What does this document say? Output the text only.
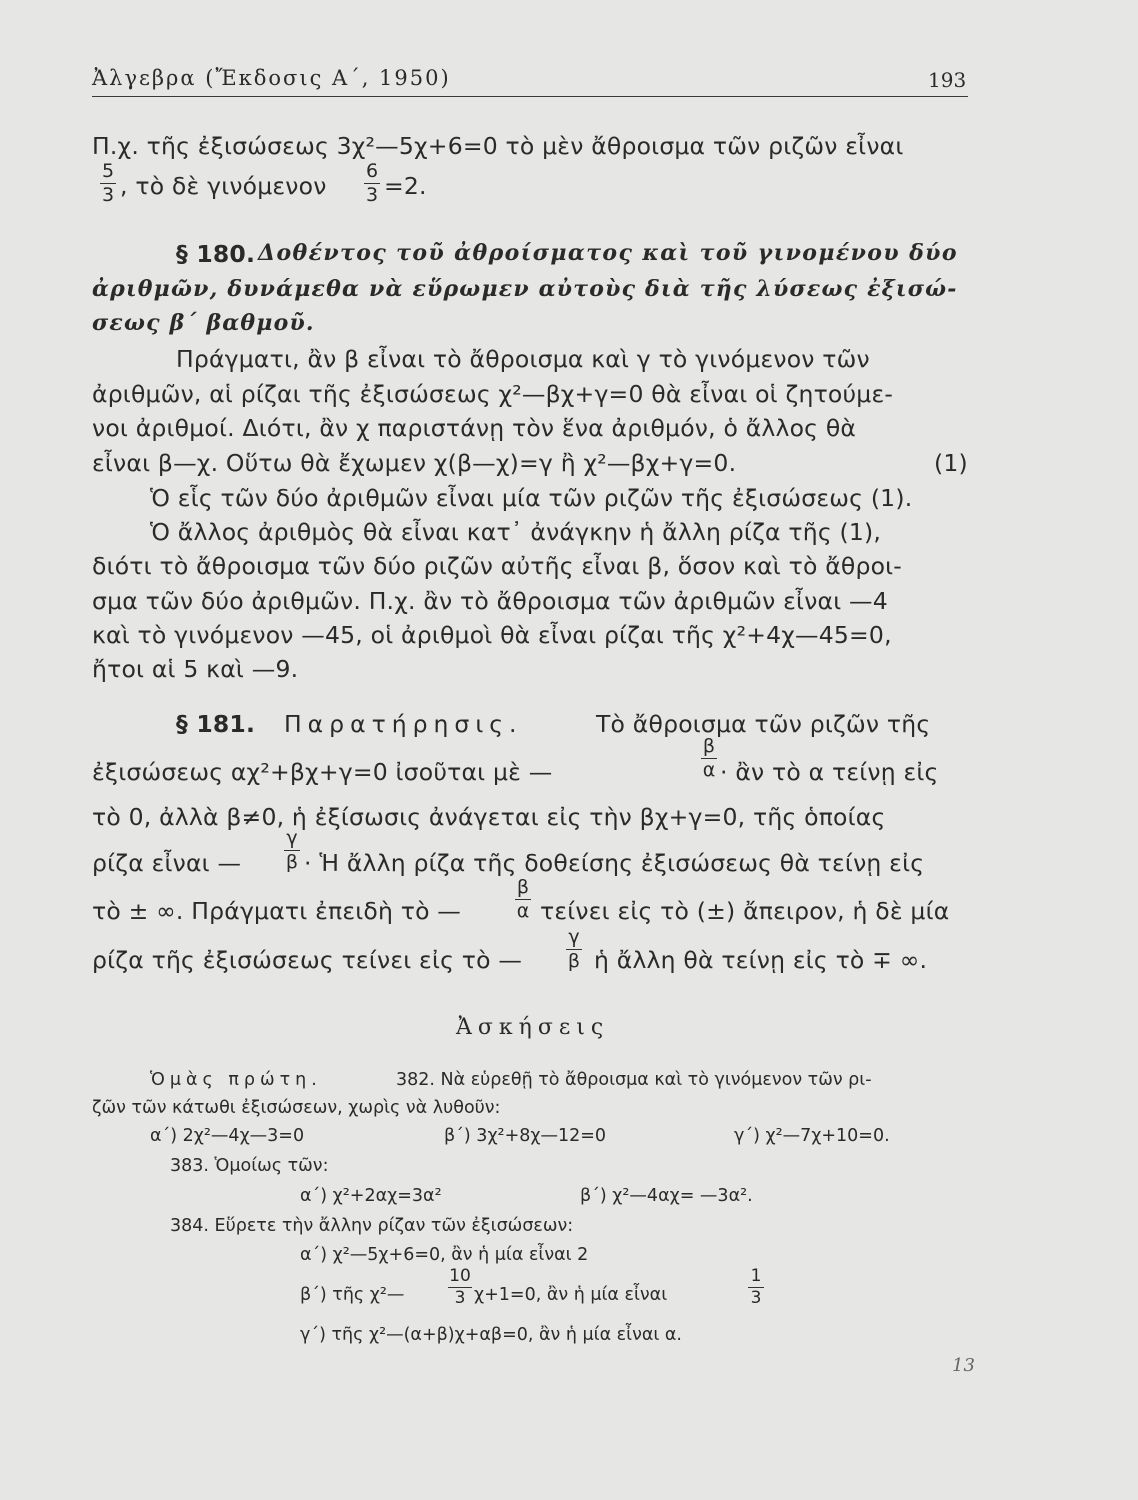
Ἀλγεβρα (Ἔκδοσις Α΄, 1950)	193
Π.χ. τῆς ἐξισώσεως 3χ²—5χ+6=0 τὸ μὲν ἄθροισμα τῶν ριζῶν εἶναι
5
3 , τὸ δὲ γινόμενον
6
3 =2.
§ 180. Δοθέντος τοῦ ἀθροίσματος καὶ τοῦ γινομένου δύο
ἀριθμῶν, δυνάμεθα νὰ εὕρωμεν αὐτοὺς διὰ τῆς λύσεως ἐξισώ-
σεως β΄ βαθμοῦ.
Πράγματι, ἂν β εἶναι τὸ ἄθροισμα καὶ γ τὸ γινόμενον τῶν
ἀριθμῶν, αἱ ρίζαι τῆς ἐξισώσεως χ²—βχ+γ=0 θὰ εἶναι οἱ ζητούμε-
νοι ἀριθμοί. Διότι, ἂν χ παριστάνῃ τὸν ἕνα ἀριθμόν, ὁ ἄλλος θὰ
εἶναι β—χ. Οὕτω θὰ ἔχωμεν χ(β—χ)=γ ἢ χ²—βχ+γ=0.	(1)
Ὁ εἷς τῶν δύο ἀριθμῶν εἶναι μία τῶν ριζῶν τῆς ἐξισώσεως (1).
Ὁ ἄλλος ἀριθμὸς θὰ εἶναι κατ᾽ ἀνάγκην ἡ ἄλλη ρίζα τῆς (1),
διότι τὸ ἄθροισμα τῶν δύο ριζῶν αὐτῆς εἶναι β, ὅσον καὶ τὸ ἄθροι-
σμα τῶν δύο ἀριθμῶν. Π.χ. ἂν τὸ ἄθροισμα τῶν ἀριθμῶν εἶναι —4
καὶ τὸ γινόμενον —45, οἱ ἀριθμοὶ θὰ εἶναι ρίζαι τῆς χ²+4χ—45=0,
ἤτοι αἱ 5 καὶ —9.
§ 181. Παρατήρησις.	Τὸ ἄθροισμα τῶν ριζῶν τῆς
ἐξισώσεως αχ²+βχ+γ=0 ἰσοῦται μὲ —
β
α · ἂν τὸ α τείνῃ εἰς
τὸ 0, ἀλλὰ β≠0, ἡ ἐξίσωσις ἀνάγεται εἰς τὴν βχ+γ=0, τῆς ὁποίας
ρίζα εἶναι —
γ
β · Ἡ ἄλλη ρίζα τῆς δοθείσης ἐξισώσεως θὰ τείνῃ εἰς
τὸ ± ∞. Πράγματι ἐπειδὴ τὸ —
β
α τείνει εἰς τὸ (±) ἄπειρον, ἡ δὲ μία
ρίζα τῆς ἐξισώσεως τείνει εἰς τὸ —
γ
β ἡ ἄλλη θὰ τείνῃ εἰς τὸ ∓ ∞.
Ἀσκήσεις
Ὁμὰς πρώτη.	382. Νὰ εὑρεθῇ τὸ ἄθροισμα καὶ τὸ γινόμενον τῶν ρι-
ζῶν τῶν κάτωθι ἐξισώσεων, χωρὶς νὰ λυθοῦν:
α΄) 2χ²—4χ—3=0	β΄) 3χ²+8χ—12=0	γ΄) χ²—7χ+10=0.
383. Ὁμοίως τῶν:
α΄) χ²+2αχ=3α²	β΄) χ²—4αχ= —3α².
384. Εὕρετε τὴν ἄλλην ρίζαν τῶν ἐξισώσεων:
α΄) χ²—5χ+6=0, ἂν ἡ μία εἶναι 2
β΄) τῆς χ²—
10
3 χ+1=0, ἂν ἡ μία εἶναι
1
3
γ΄) τῆς χ²—(α+β)χ+αβ=0, ἂν ἡ μία εἶναι α.
13
